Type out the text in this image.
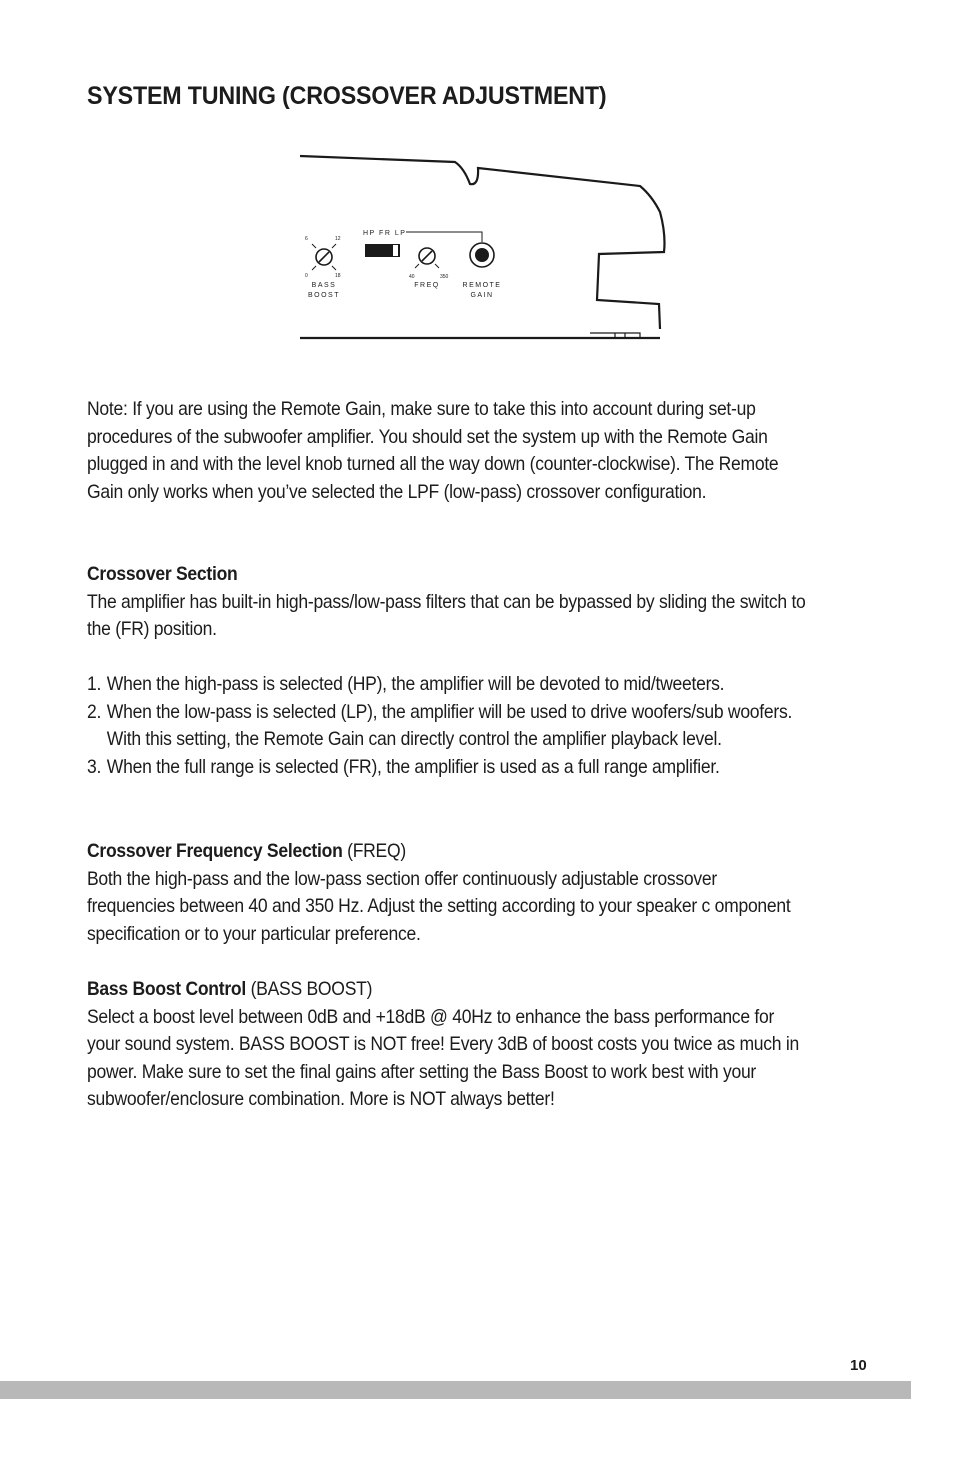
SYSTEM TUNING (CROSSOVER ADJUSTMENT)
6	12
0	18
BASS
BOOST
HP FR LP
40	350
FREQ	REMOTE
GAIN

Note: If you are using the Remote Gain, make sure to take this into account during set-up procedures of the subwoofer amplifier. You should set the system up with the Remote Gain plugged in and with the level knob turned all the way down (counter-clockwise). The Remote Gain only works when you’ve selected the LPF (low-pass) crossover configuration.

Crossover Section

The amplifier has built-in high-pass/low-pass filters that can be bypassed by sliding the switch to the (FR) position.

1. When the high-pass is selected (HP), the amplifier will be devoted to mid/tweeters.
2. When the low-pass is selected (LP), the amplifier will be used to drive woofers/sub woofers. With this setting, the Remote Gain can directly control the amplifier playback level.
3. When the full range is selected (FR), the amplifier is used as a full range amplifier.

Crossover Frequency Selection (FREQ)

Both the high-pass and the low-pass section offer continuously adjustable crossover frequencies between 40 and 350 Hz. Adjust the setting according to your speaker c omponent specification or to your particular preference.

Bass Boost Control (BASS BOOST)

Select a boost level between 0dB and +18dB @ 40Hz to enhance the bass performance for your sound system. BASS BOOST is NOT free! Every 3dB of boost costs you twice as much in power. Make sure to set the final gains after setting the Bass Boost to work best with your subwoofer/enclosure combination. More is NOT always better!

10
